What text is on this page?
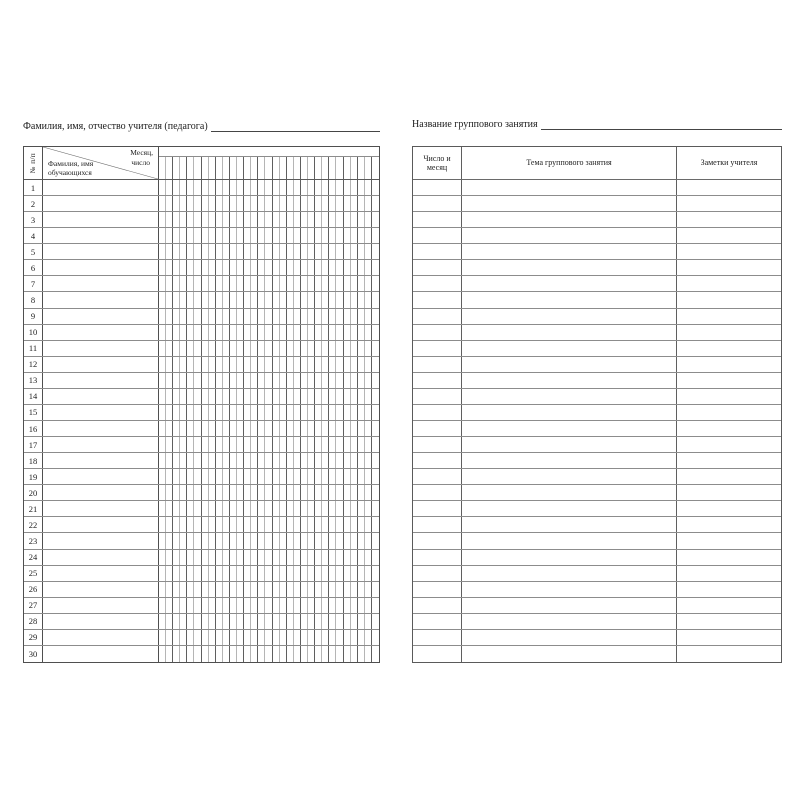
Фамилия, имя, отчество учителя (педагога)	Название группового занятия
№ п/п
Месяц,
число
Фамилия, имя обучающихся
1
2
3
4
5
6
7
8
9
10
11
12
13
14
15
16
17
18
19
20
21
22
23
24
25
26
27
28
29
30
Число и месяц
Тема группового занятия	Заметки учителя
